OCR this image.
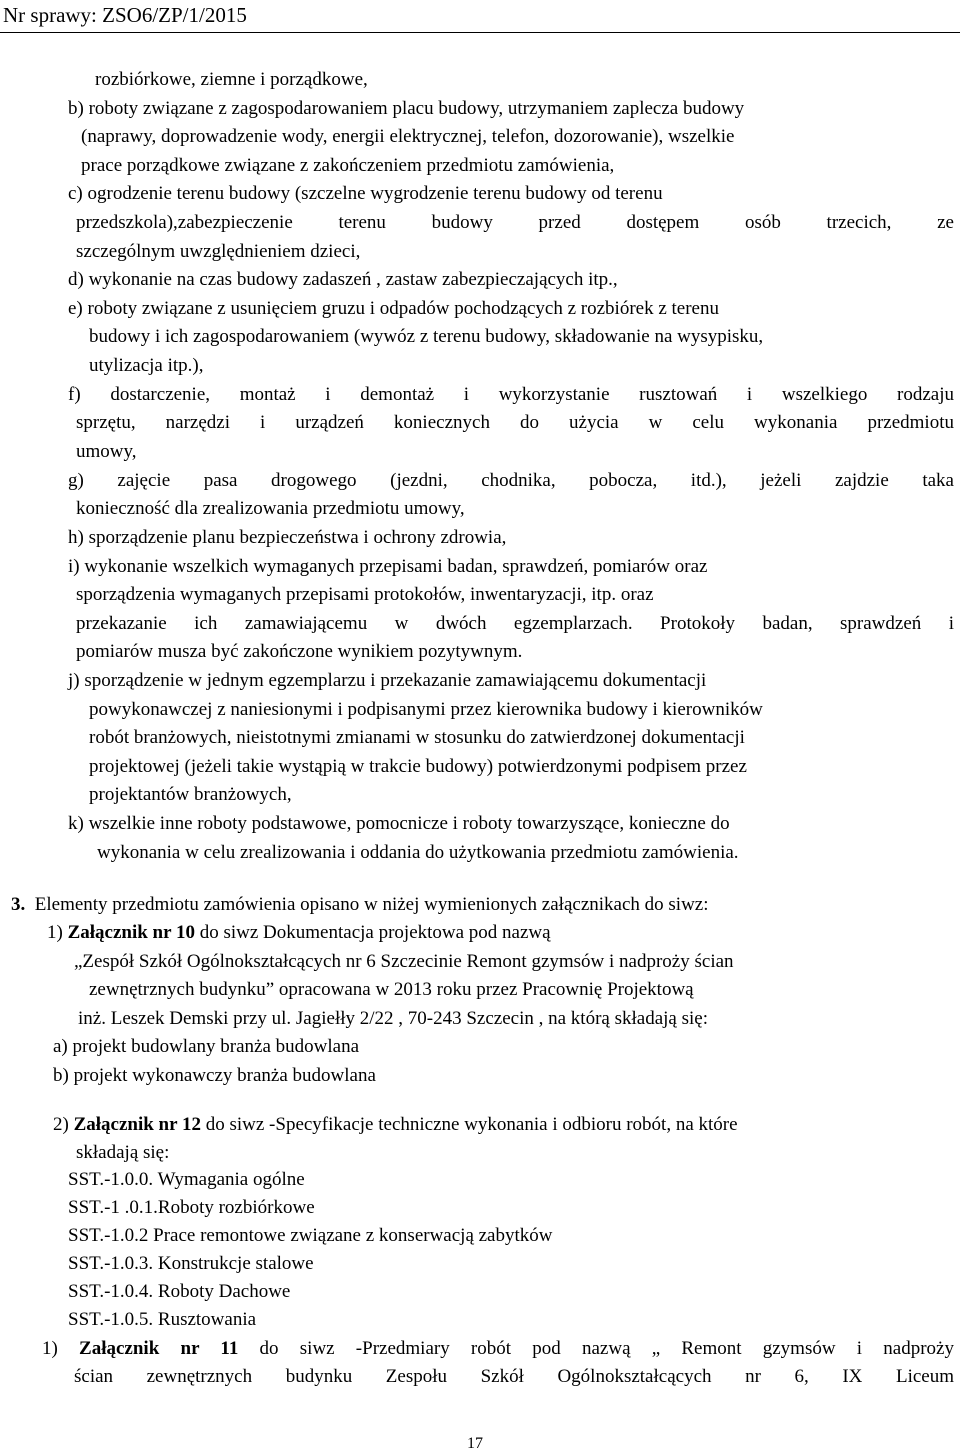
Nr sprawy: ZSO6/ZP/1/2015
rozbiórkowe, ziemne i porządkowe,
b) roboty związane z zagospodarowaniem placu budowy, utrzymaniem zaplecza budowy
(naprawy, doprowadzenie wody, energii elektrycznej, telefon, dozorowanie), wszelkie
prace porządkowe związane z zakończeniem przedmiotu zamówienia,
c) ogrodzenie terenu budowy (szczelne wygrodzenie terenu budowy od terenu
przedszkola),zabezpieczenie terenu budowy przed dostępem osób trzecich, ze
szczególnym uwzględnieniem dzieci,
d) wykonanie na czas budowy zadaszeń , zastaw zabezpieczających itp.,
e) roboty związane z usunięciem gruzu i odpadów pochodzących z rozbiórek z terenu
budowy i ich zagospodarowaniem (wywóz z terenu budowy, składowanie na wysypisku,
utylizacja itp.),
f) dostarczenie, montaż i demontaż i wykorzystanie rusztowań i wszelkiego rodzaju
sprzętu, narzędzi i urządzeń koniecznych do użycia w celu wykonania przedmiotu
umowy,
g) zajęcie pasa drogowego (jezdni, chodnika, pobocza, itd.), jeżeli zajdzie taka
konieczność dla zrealizowania przedmiotu umowy,
h) sporządzenie planu bezpieczeństwa i ochrony zdrowia,
i) wykonanie wszelkich wymaganych przepisami badan, sprawdzeń, pomiarów oraz
sporządzenia wymaganych przepisami protokołów, inwentaryzacji, itp. oraz
przekazanie ich zamawiającemu w dwóch egzemplarzach. Protokoły badan, sprawdzeń i
pomiarów musza być zakończone wynikiem pozytywnym.
j) sporządzenie w jednym egzemplarzu i przekazanie zamawiającemu dokumentacji
powykonawczej z naniesionymi i podpisanymi przez kierownika budowy i kierowników
robót branżowych, nieistotnymi zmianami w stosunku do zatwierdzonej dokumentacji
projektowej (jeżeli takie wystąpią w trakcie budowy) potwierdzonymi podpisem przez
projektantów branżowych,
k) wszelkie inne roboty podstawowe, pomocnicze i roboty towarzyszące, konieczne do
wykonania w celu zrealizowania i oddania do użytkowania przedmiotu zamówienia.
3. Elementy przedmiotu zamówienia opisano w niżej wymienionych załącznikach do siwz:
1) Załącznik nr 10 do siwz Dokumentacja projektowa pod nazwą
„Zespół Szkół Ogólnokształcących nr 6 Szczecinie Remont gzymsów i nadproży ścian
zewnętrznych budynku” opracowana w 2013 roku przez Pracownię Projektową
inż. Leszek Demski przy ul. Jagiełły 2/22 , 70-243 Szczecin , na którą składają się:
a) projekt budowlany branża budowlana
b) projekt wykonawczy branża budowlana
2) Załącznik nr 12 do siwz -Specyfikacje techniczne wykonania i odbioru robót, na które
składają się:
SST.-1.0.0. Wymagania ogólne
SST.-1 .0.1.Roboty rozbiórkowe
SST.-1.0.2 Prace remontowe związane z konserwacją zabytków
SST.-1.0.3. Konstrukcje stalowe
SST.-1.0.4. Roboty Dachowe
SST.-1.0.5. Rusztowania
1) Załącznik nr 11 do siwz -Przedmiary robót pod nazwą „ Remont gzymsów i nadproży
ścian zewnętrznych budynku Zespołu Szkół Ogólnokształcących nr 6, IX Liceum
17
